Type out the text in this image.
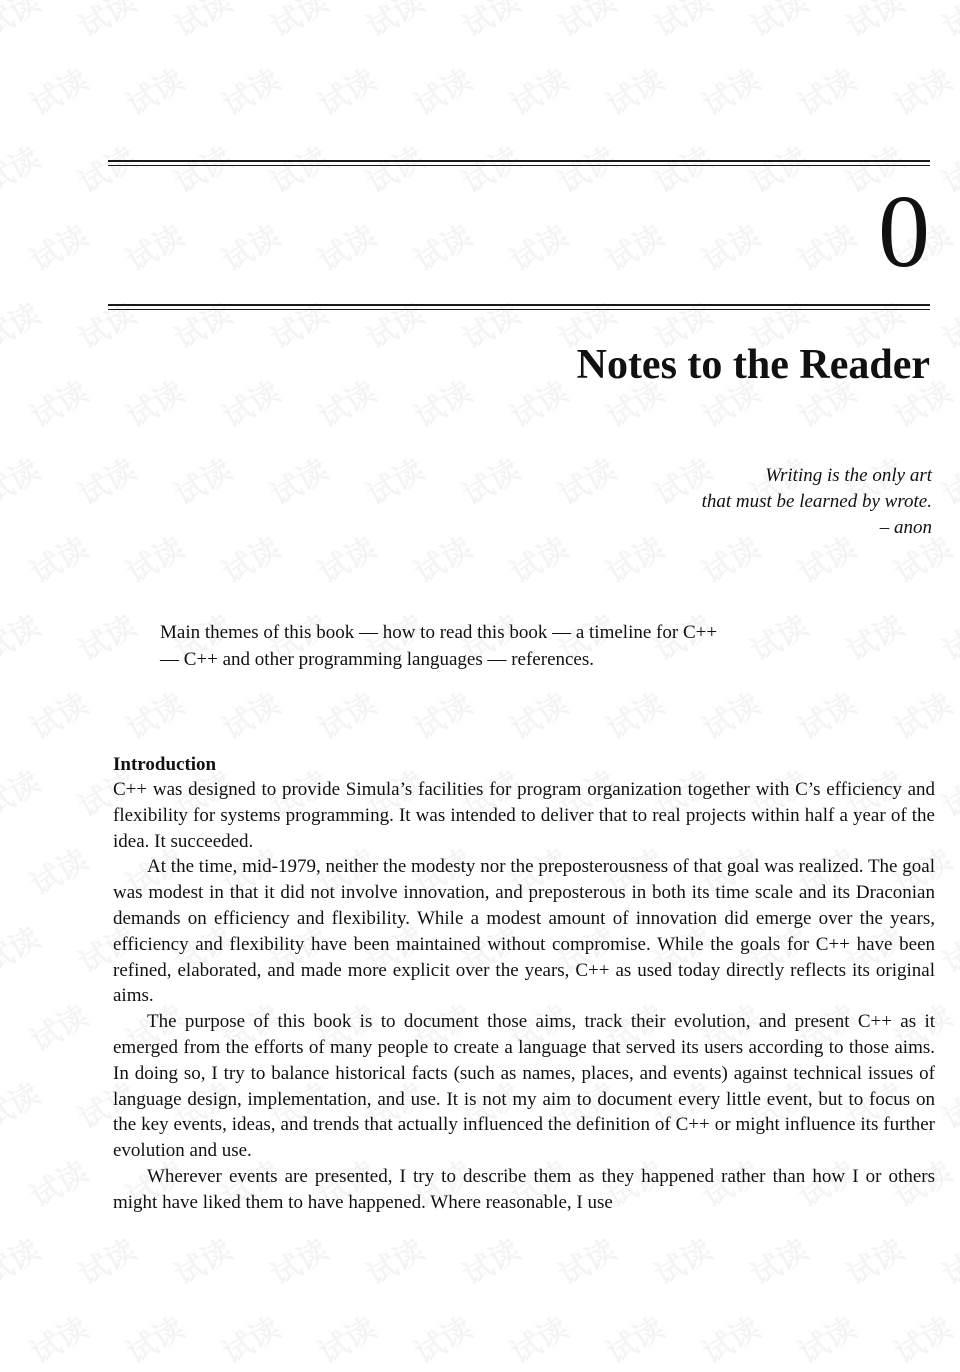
0
Notes to the Reader
Writing is the only art
that must be learned by wrote.
– anon
Main themes of this book — how to read this book — a timeline for C++
— C++ and other programming languages — references.

Introduction

C++ was designed to provide Simula’s facilities for program organization together with C’s efficiency and flexibility for systems programming. It was intended to deliver that to real projects within half a year of the idea. It succeeded.

At the time, mid-1979, neither the modesty nor the preposterousness of that goal was realized. The goal was modest in that it did not involve innovation, and preposterous in both its time scale and its Draconian demands on efficiency and flexibility. While a modest amount of innovation did emerge over the years, efficiency and flexibility have been maintained without compromise. While the goals for C++ have been refined, elaborated, and made more explicit over the years, C++ as used today directly reflects its original aims.

The purpose of this book is to document those aims, track their evolution, and present C++ as it emerged from the efforts of many people to create a language that served its users according to those aims. In doing so, I try to balance historical facts (such as names, places, and events) against technical issues of language design, implementation, and use. It is not my aim to document every little event, but to focus on the key events, ideas, and trends that actually influenced the definition of C++ or might influence its further evolution and use.

Wherever events are presented, I try to describe them as they happened rather than how I or others might have liked them to have happened. Where reasonable, I use
